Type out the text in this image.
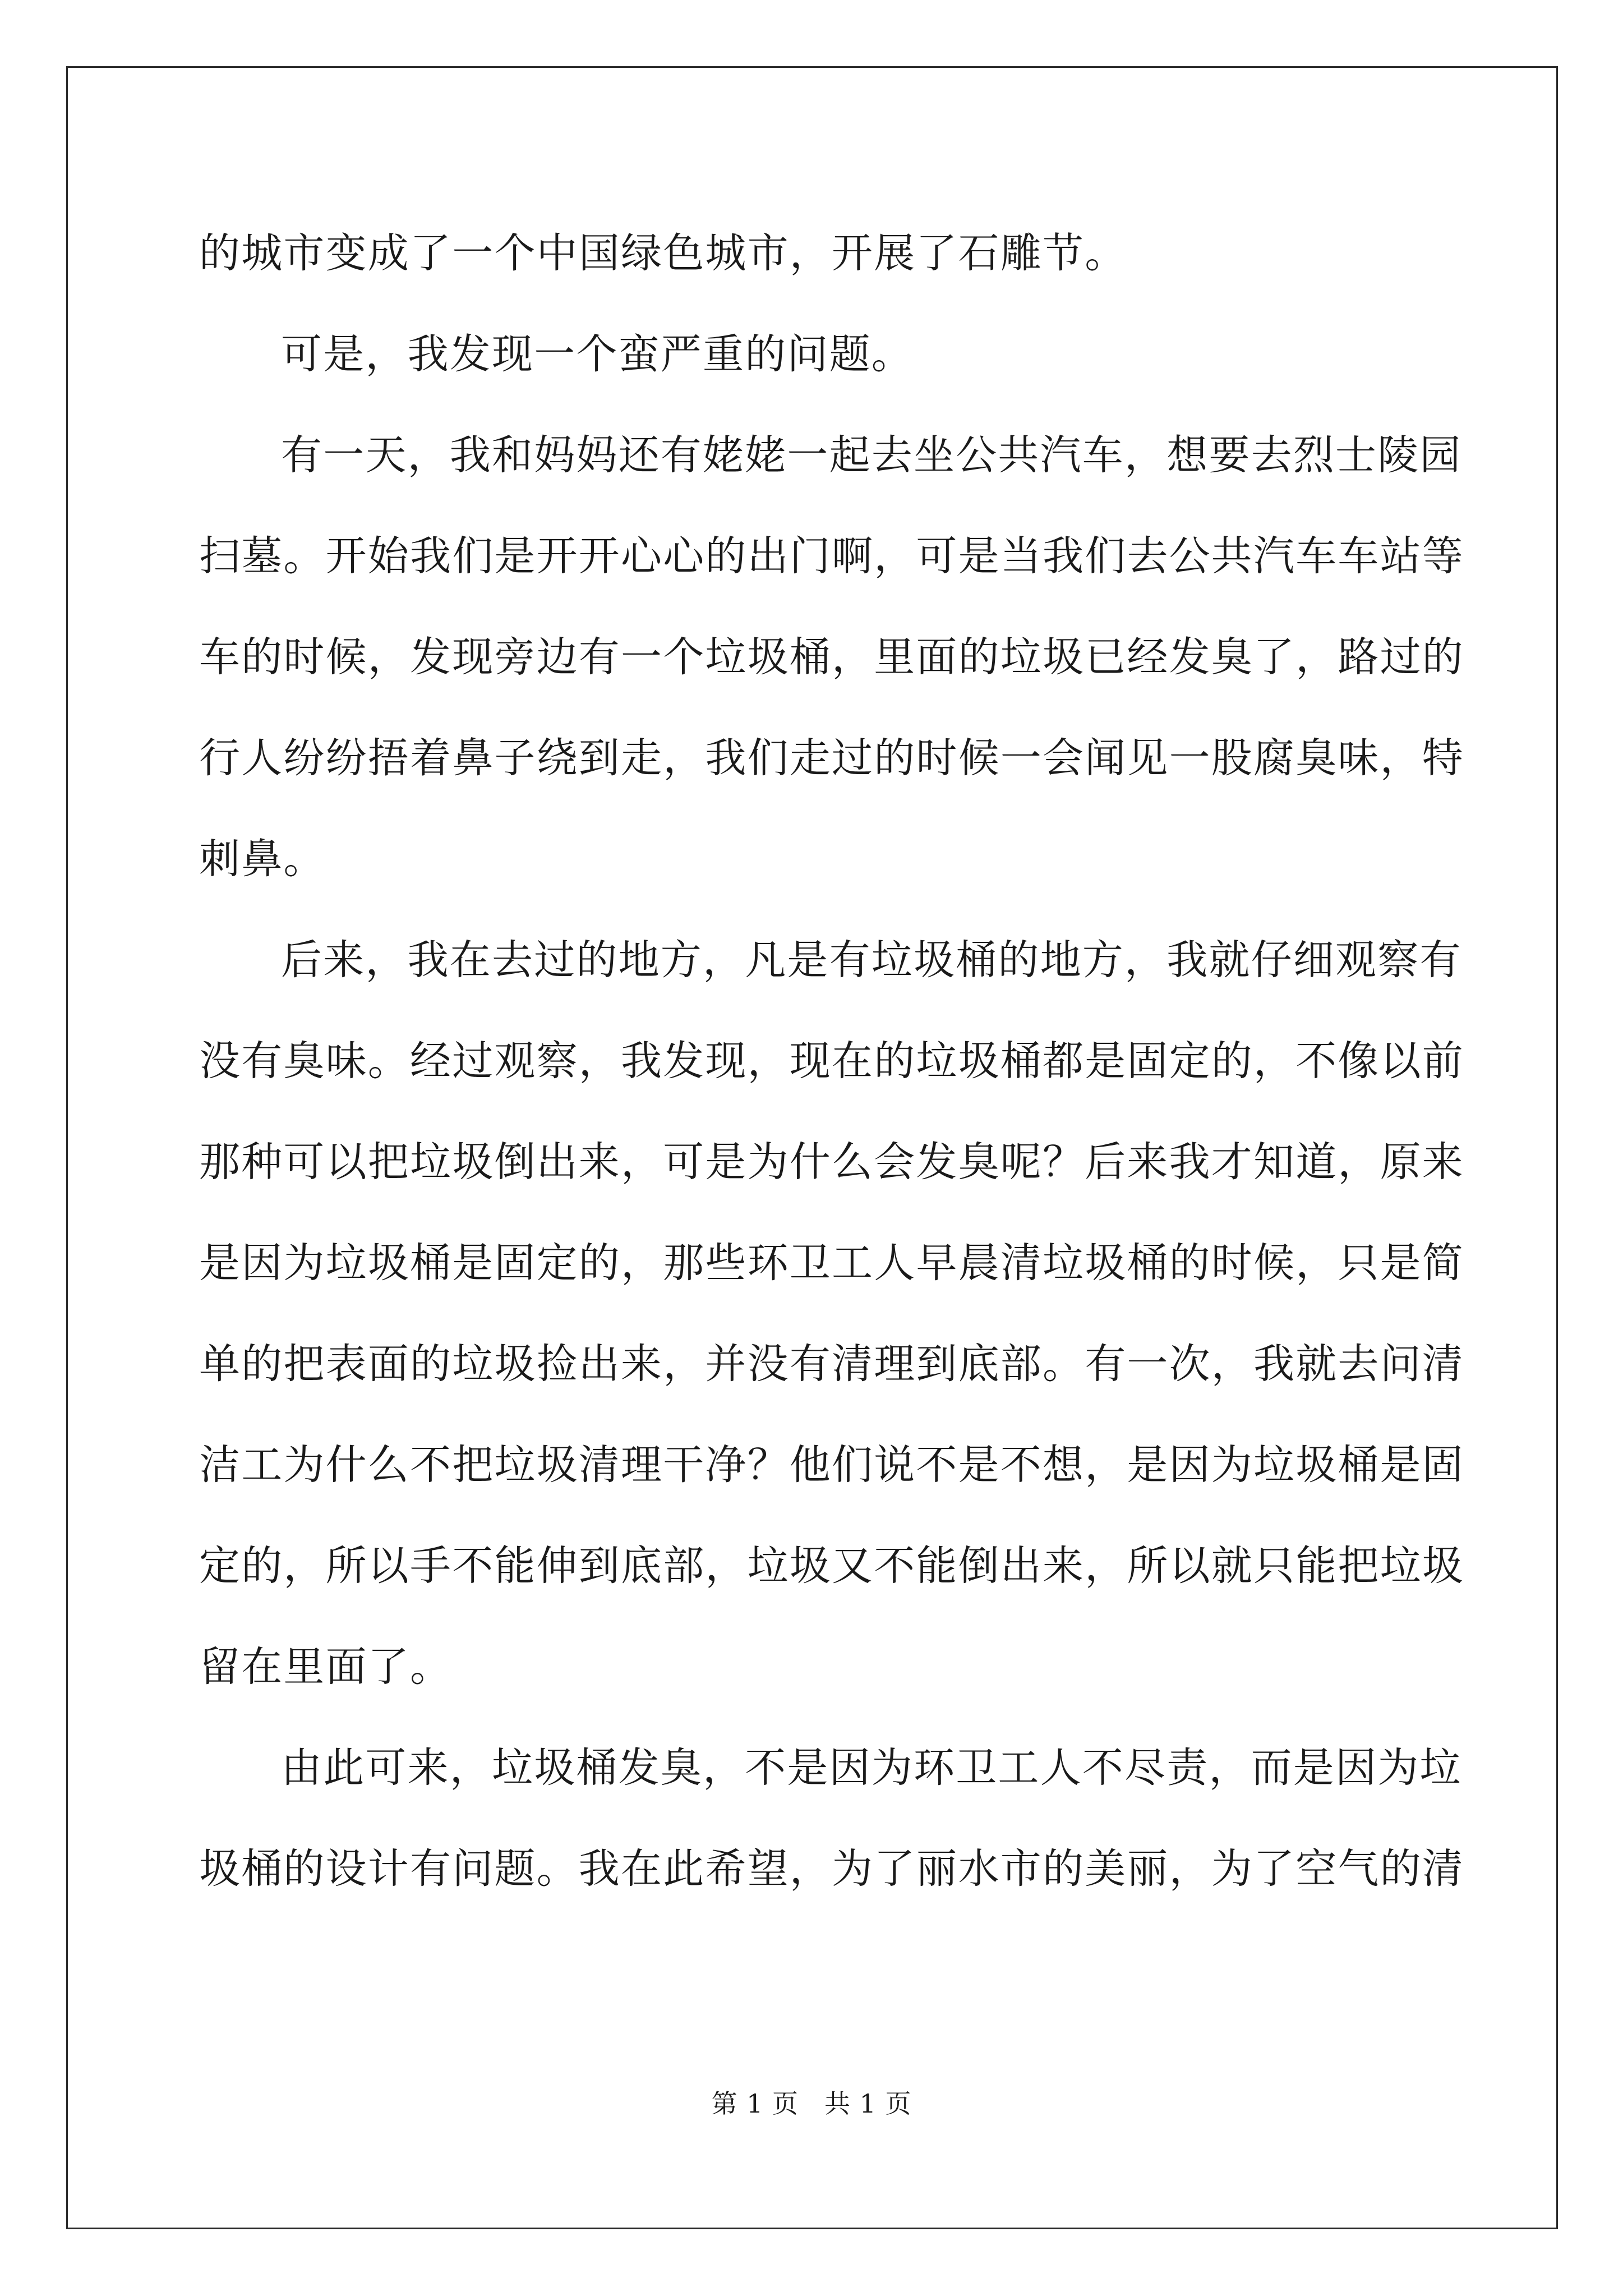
的城市变成了一个中国绿色城市，开展了石雕节。

可是，我发现一个蛮严重的问题。

有一天，我和妈妈还有姥姥一起去坐公共汽车，想要去烈士陵园
扫墓。开始我们是开开心心的出门啊，可是当我们去公共汽车车站等
车的时候，发现旁边有一个垃圾桶，里面的垃圾已经发臭了，路过的
行人纷纷捂着鼻子绕到走，我们走过的时候一会闻见一股腐臭味，特
刺鼻。

后来，我在去过的地方，凡是有垃圾桶的地方，我就仔细观察有
没有臭味。经过观察，我发现，现在的垃圾桶都是固定的，不像以前
那种可以把垃圾倒出来，可是为什么会发臭呢？后来我才知道，原来
是因为垃圾桶是固定的，那些环卫工人早晨清垃圾桶的时候，只是简
单的把表面的垃圾捡出来，并没有清理到底部。有一次，我就去问清
洁工为什么不把垃圾清理干净？他们说不是不想，是因为垃圾桶是固
定的，所以手不能伸到底部，垃圾又不能倒出来，所以就只能把垃圾
留在里面了。

由此可来，垃圾桶发臭，不是因为环卫工人不尽责，而是因为垃
圾桶的设计有问题。我在此希望，为了丽水市的美丽，为了空气的清

第 1 页 共 1 页
